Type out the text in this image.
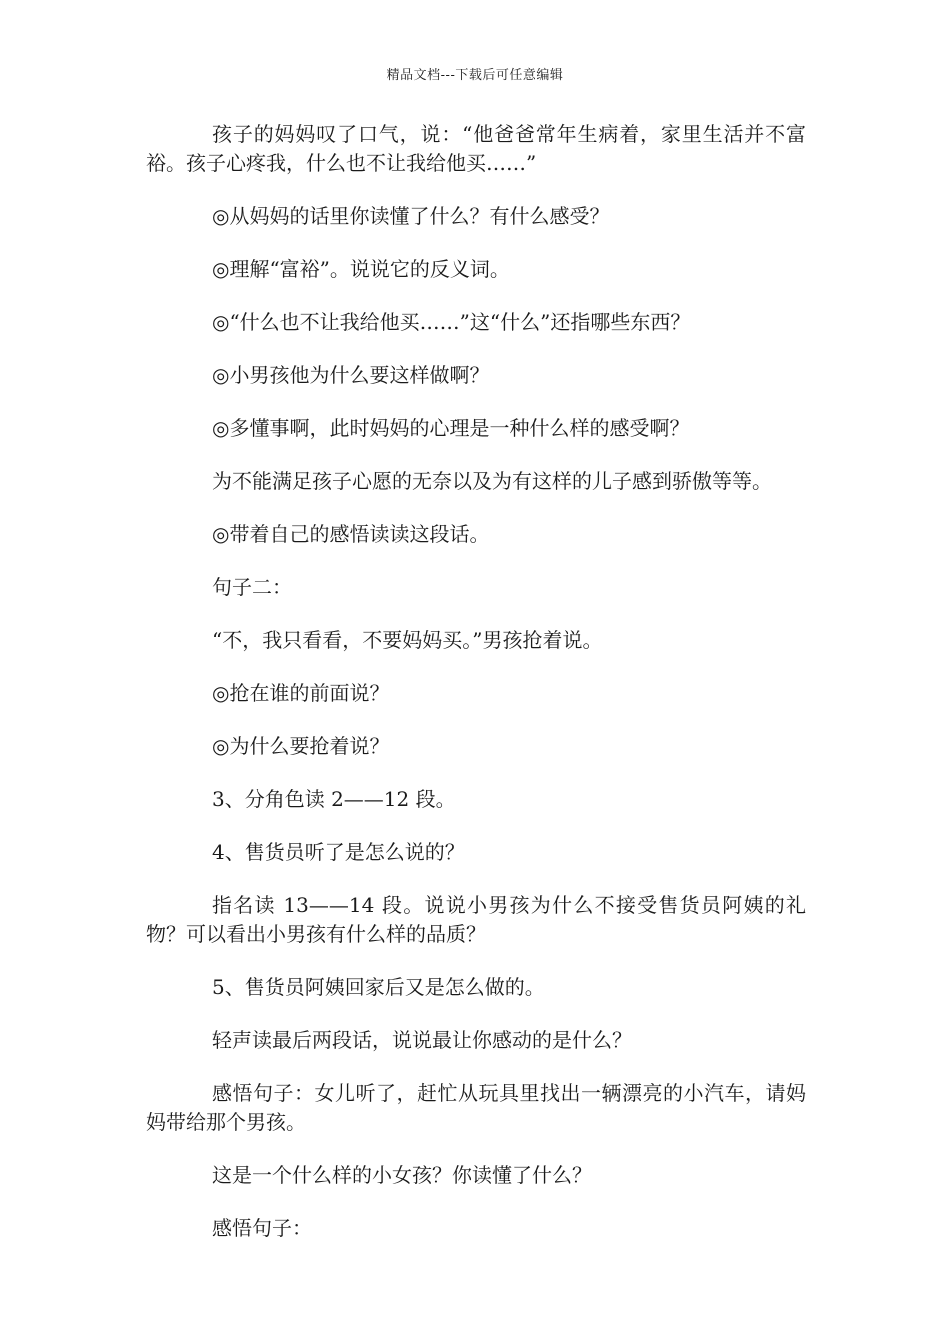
精品文档---下载后可任意编辑

孩子的妈妈叹了口气，说：“他爸爸常年生病着，家里生活并不富裕。孩子心疼我，什么也不让我给他买……”

◎从妈妈的话里你读懂了什么？有什么感受？

◎理解“富裕”。说说它的反义词。

◎“什么也不让我给他买……”这“什么”还指哪些东西？

◎小男孩他为什么要这样做啊？

◎多懂事啊，此时妈妈的心理是一种什么样的感受啊？

为不能满足孩子心愿的无奈以及为有这样的儿子感到骄傲等等。

◎带着自己的感悟读读这段话。

句子二：

“不，我只看看，不要妈妈买。”男孩抢着说。

◎抢在谁的前面说？

◎为什么要抢着说？

3、分角色读 2——12 段。

4、售货员听了是怎么说的？

指名读 13——14 段。说说小男孩为什么不接受售货员阿姨的礼物？可以看出小男孩有什么样的品质？

5、售货员阿姨回家后又是怎么做的。

轻声读最后两段话，说说最让你感动的是什么？

感悟句子：女儿听了，赶忙从玩具里找出一辆漂亮的小汽车，请妈妈带给那个男孩。

这是一个什么样的小女孩？你读懂了什么？

感悟句子：
